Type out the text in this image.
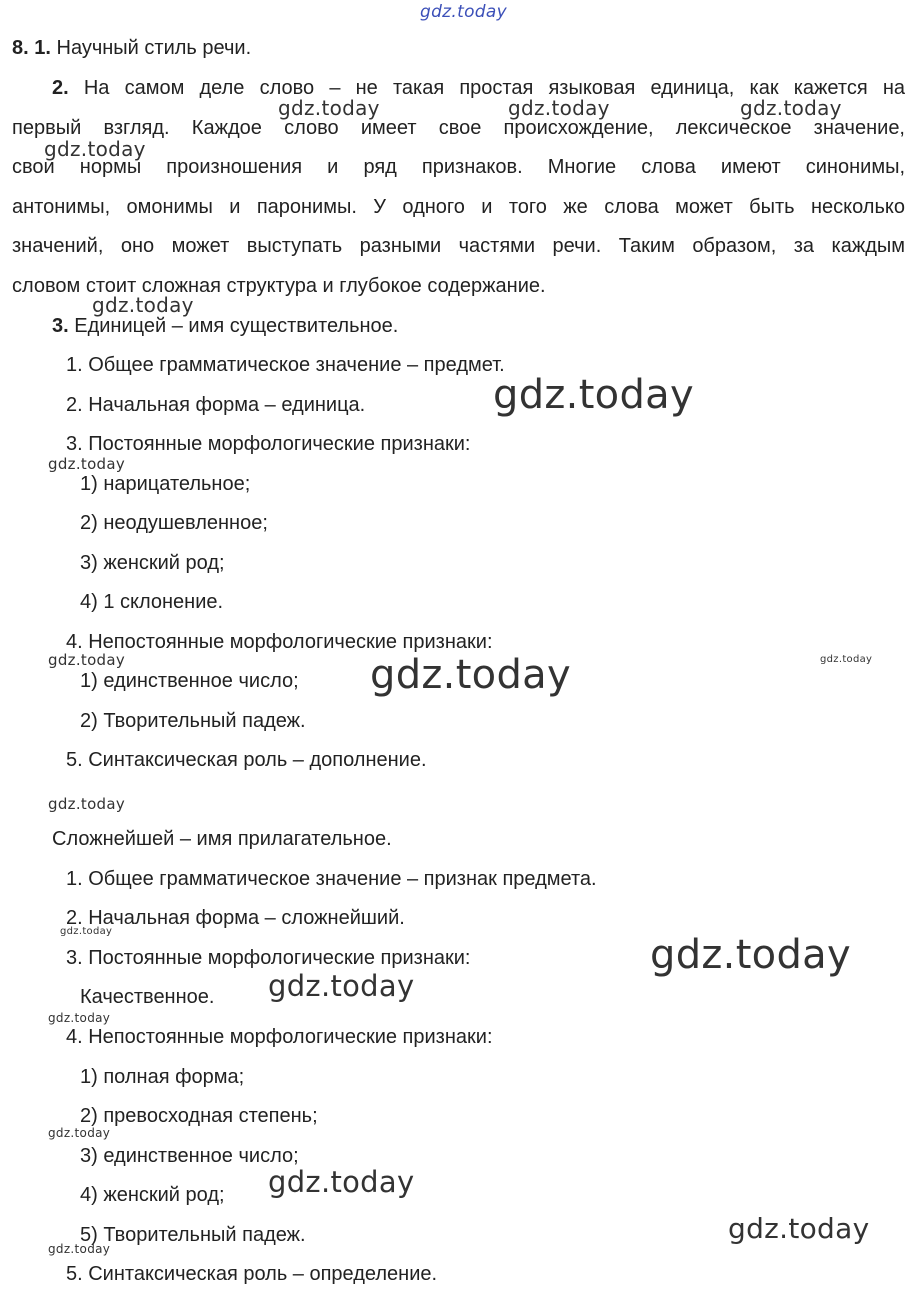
8. 1. Научный стиль речи.
2. На самом деле слово – не такая простая языковая единица, как кажется на
первый взгляд. Каждое слово имеет свое происхождение, лексическое значение,
свои нормы произношения и ряд признаков. Многие слова имеют синонимы,
антонимы, омонимы и паронимы. У одного и того же слова может быть несколько
значений, оно может выступать разными частями речи. Таким образом, за каждым
словом стоит сложная структура и глубокое содержание.
3. Единицей – имя существительное.
1. Общее грамматическое значение – предмет.
2. Начальная форма – единица.
3. Постоянные морфологические признаки:
1) нарицательное;
2) неодушевленное;
3) женский род;
4) 1 склонение.
4. Непостоянные морфологические признаки:
1) единственное число;
2) Творительный падеж.
5. Синтаксическая роль – дополнение.
Сложнейшей – имя прилагательное.
1. Общее грамматическое значение – признак предмета.
2. Начальная форма – сложнейший.
3. Постоянные морфологические признаки:
Качественное.
4. Непостоянные морфологические признаки:
1) полная форма;
2) превосходная степень;
3) единственное число;
4) женский род;
5) Творительный падеж.
5. Синтаксическая роль – определение.
gdz.today
gdz.today	gdz.today	gdz.today
gdz.today
gdz.today
gdz.today
gdz.today
gdz.today	gdz.today	gdz.today
gdz.today
gdz.today
gdz.today
gdz.today
gdz.today
gdz.today
gdz.today
gdz.today
gdz.today
